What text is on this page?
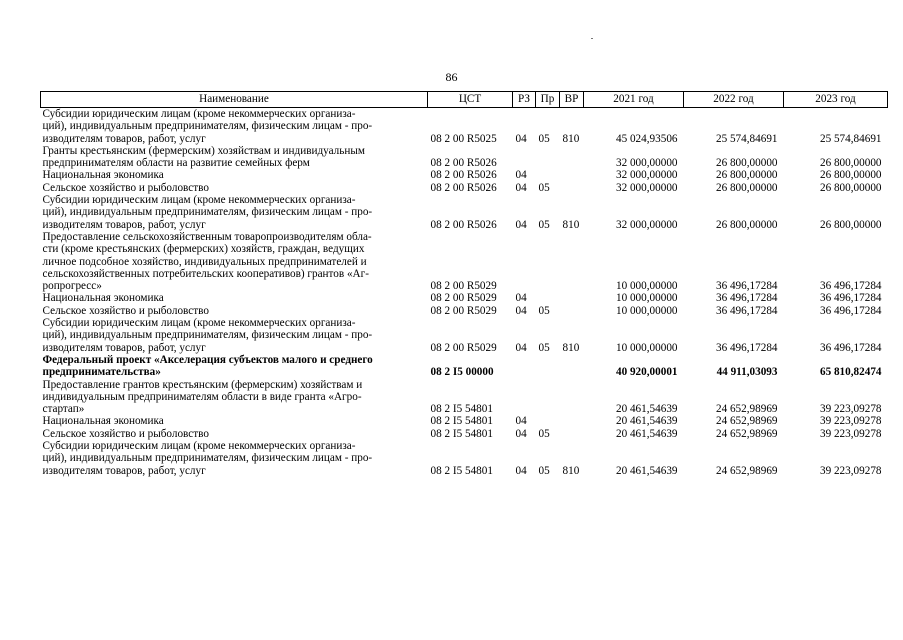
86
Наименование	ЦСТ	РЗ	Пр	ВР	2021 год	2022 год	2023 год

Субсидии юридическим лицам (кроме некоммерческих организа-
ций), индивидуальным предпринимателям, физическим лицам - про-
изводителям товаров, работ, услуг	08 2 00 R5025	04	05	810	45 024,93506	25 574,84691	25 574,84691

Гранты крестьянским (фермерским) хозяйствам и индивидуальным
предпринимателям области на развитие семейных ферм	08 2 00 R5026				32 000,00000	26 800,00000	26 800,00000

Национальная экономика	08 2 00 R5026	04			32 000,00000	26 800,00000	26 800,00000

Сельское хозяйство и рыболовство	08 2 00 R5026	04	05		32 000,00000	26 800,00000	26 800,00000

Субсидии юридическим лицам (кроме некоммерческих организа-
ций), индивидуальным предпринимателям, физическим лицам - про-
изводителям товаров, работ, услуг	08 2 00 R5026	04	05	810	32 000,00000	26 800,00000	26 800,00000

Предоставление сельскохозяйственным товаропроизводителям обла-
сти (кроме крестьянских (фермерских) хозяйств, граждан, ведущих
личное подсобное хозяйство, индивидуальных предпринимателей и
сельскохозяйственных потребительских кооперативов) грантов «Аг-
ропрогресс»	08 2 00 R5029				10 000,00000	36 496,17284	36 496,17284

Национальная экономика	08 2 00 R5029	04			10 000,00000	36 496,17284	36 496,17284

Сельское хозяйство и рыболовство	08 2 00 R5029	04	05		10 000,00000	36 496,17284	36 496,17284

Субсидии юридическим лицам (кроме некоммерческих организа-
ций), индивидуальным предпринимателям, физическим лицам - про-
изводителям товаров, работ, услуг	08 2 00 R5029	04	05	810	10 000,00000	36 496,17284	36 496,17284

Федеральный проект «Акселерация субъектов малого и среднего
предпринимательства»	08 2 I5 00000				40 920,00001	44 911,03093	65 810,82474

Предоставление грантов крестьянским (фермерским) хозяйствам и
индивидуальным предпринимателям области в виде гранта «Агро-
стартап»	08 2 I5 54801				20 461,54639	24 652,98969	39 223,09278

Национальная экономика	08 2 I5 54801	04			20 461,54639	24 652,98969	39 223,09278

Сельское хозяйство и рыболовство	08 2 I5 54801	04	05		20 461,54639	24 652,98969	39 223,09278

Субсидии юридическим лицам (кроме некоммерческих организа-
ций), индивидуальным предпринимателям, физическим лицам - про-
изводителям товаров, работ, услуг	08 2 I5 54801	04	05	810	20 461,54639	24 652,98969	39 223,09278
